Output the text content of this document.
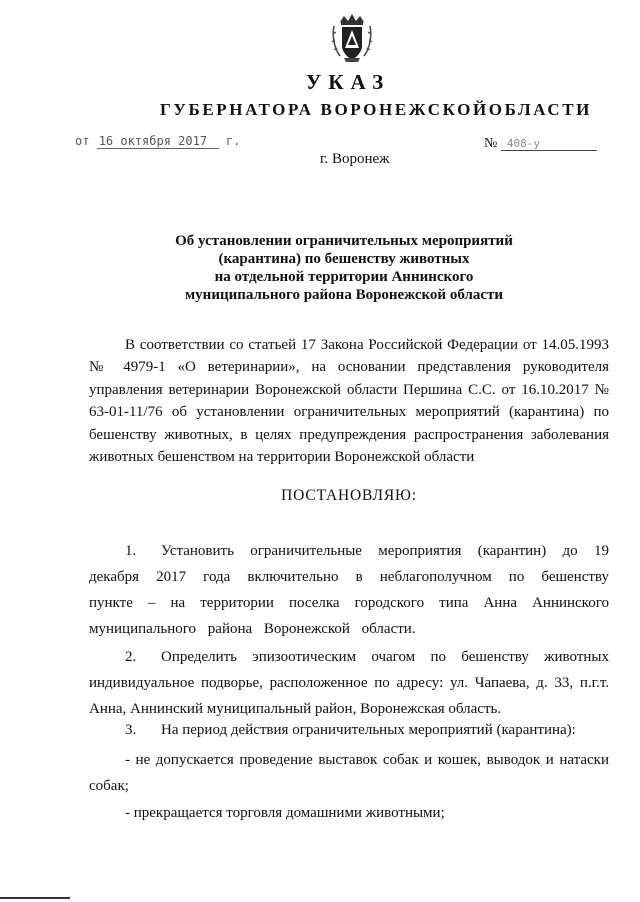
УКАЗ
ГУБЕРНАТОРА ВОРОНЕЖСКОЙОБЛАСТИ
от 16 октября 2017 г.	№ 408-у
г. Воронеж
Об установлении ограничительных мероприятий
(карантина) по бешенству животных
на отдельной территории Аннинского
муниципального района Воронежской области
В соответствии со статьей 17 Закона Российской Федерации от 14.05.1993 № 4979-1 «О ветеринарии», на основании представления руководителя управления ветеринарии Воронежской области Першина С.С. от 16.10.2017 № 63-01-11/76 об установлении ограничительных мероприятий (карантина) по бешенству животных, в целях предупреждения распространения заболевания животных бешенством на территории Воронежской области
ПОСТАНОВЛЯЮ:
1. Установить ограничительные мероприятия (карантин) до 19 декабря 2017 года включительно в неблагополучном по бешенству пункте – на территории поселка городского типа Анна Аннинского муниципального района Воронежской области.
2. Определить эпизоотическим очагом по бешенству животных индивидуальное подворье, расположенное по адресу: ул. Чапаева, д. 33, п.г.т. Анна, Аннинский муниципальный район, Воронежская область.
3. На период действия ограничительных мероприятий (карантина):
- не допускается проведение выставок собак и кошек, выводок и натаски собак;
- прекращается торговля домашними животными;
